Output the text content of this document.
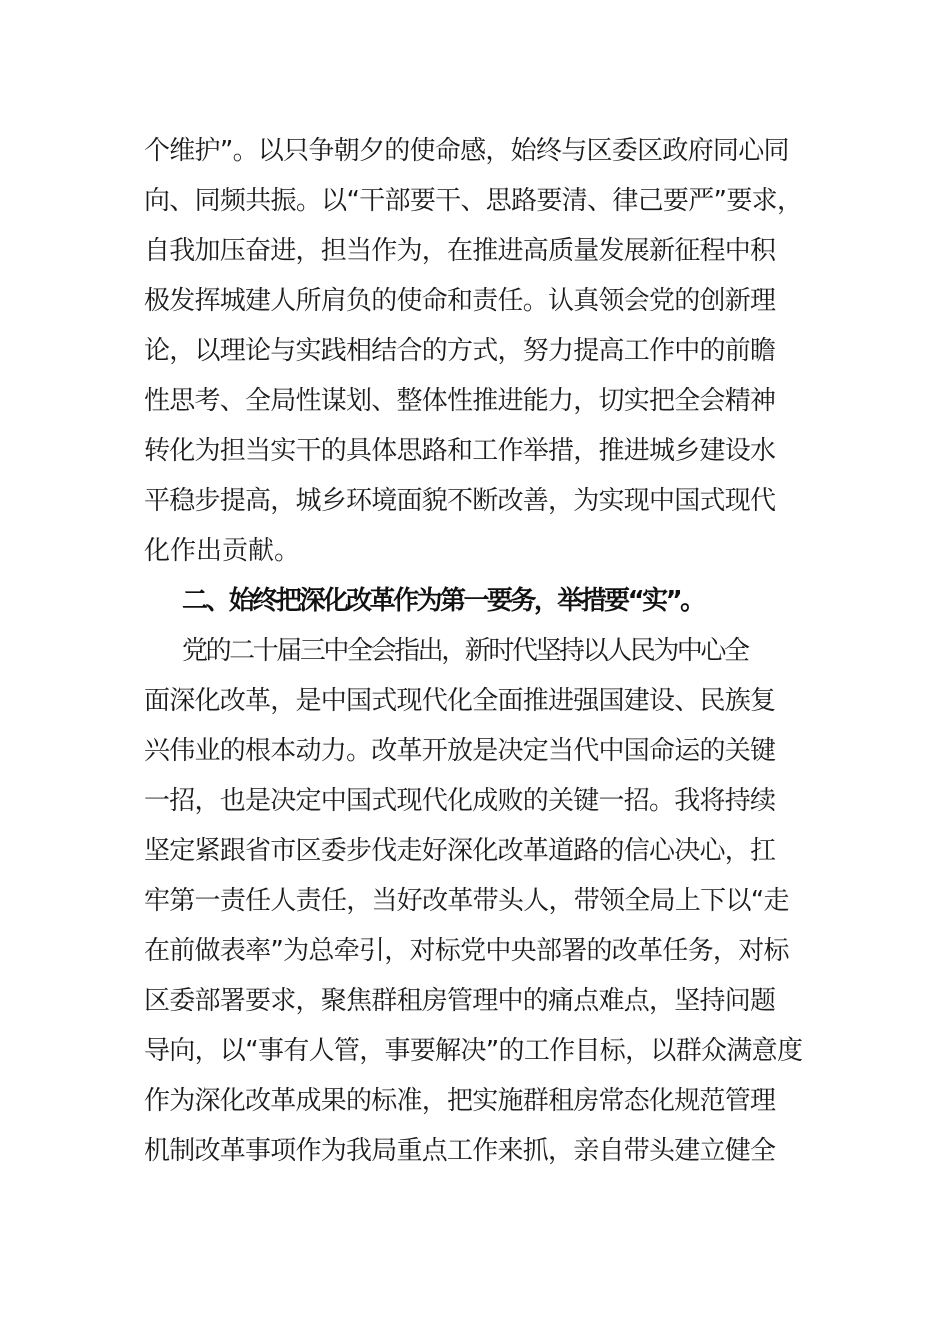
个维护”。以只争朝夕的使命感，始终与区委区政府同心同
向、同频共振。以“干部要干、思路要清、律己要严”要求，
自我加压奋进，担当作为，在推进高质量发展新征程中积
极发挥城建人所肩负的使命和责任。认真领会党的创新理
论，以理论与实践相结合的方式，努力提高工作中的前瞻
性思考、全局性谋划、整体性推进能力，切实把全会精神
转化为担当实干的具体思路和工作举措，推进城乡建设水
平稳步提高，城乡环境面貌不断改善，为实现中国式现代
化作出贡献。
二、始终把深化改革作为第一要务，举措要“实”。
党的二十届三中全会指出，新时代坚持以人民为中心全
面深化改革，是中国式现代化全面推进强国建设、民族复
兴伟业的根本动力。改革开放是决定当代中国命运的关键
一招，也是决定中国式现代化成败的关键一招。我将持续
坚定紧跟省市区委步伐走好深化改革道路的信心决心，扛
牢第一责任人责任，当好改革带头人，带领全局上下以“走
在前做表率”为总牵引，对标党中央部署的改革任务，对标
区委部署要求，聚焦群租房管理中的痛点难点，坚持问题
导向，以“事有人管，事要解决”的工作目标，以群众满意度
作为深化改革成果的标准，把实施群租房常态化规范管理
机制改革事项作为我局重点工作来抓，亲自带头建立健全
